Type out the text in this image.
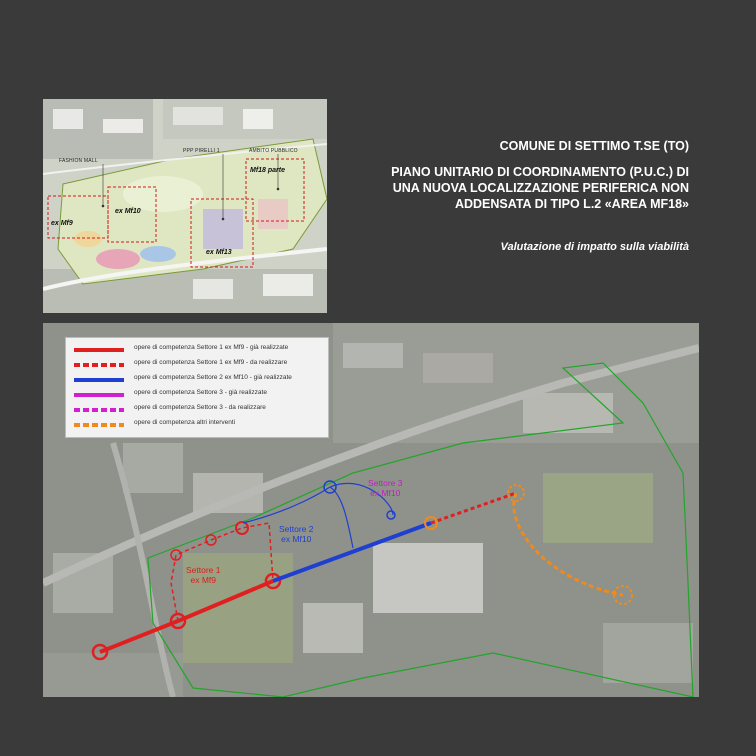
FASHION MALL
PPP PIRELLI 1	AMBITO PUBBLICO
ex Mf9
ex Mf10
ex Mf13
Mf18 parte
COMUNE DI SETTIMO T.SE (TO)
PIANO UNITARIO DI COORDINAMENTO (P.U.C.) DI
UNA NUOVA LOCALIZZAZIONE PERIFERICA NON
ADDENSATA DI TIPO L.2 «AREA MF18»
Valutazione di impatto sulla viabilità
opere di competenza Settore 1 ex Mf9 - già realizzate
opere di competenza Settore 1 ex Mf9 - da realizzare
opere di competenza Settore 2 ex Mf10 - già realizzate
opere di competenza Settore 3 - già realizzate
opere di competenza Settore 3 - da realizzare
opere di competenza altri interventi
Settore 1
ex Mf9
Settore 2
ex Mf10
Settore 3
ex Mf10
